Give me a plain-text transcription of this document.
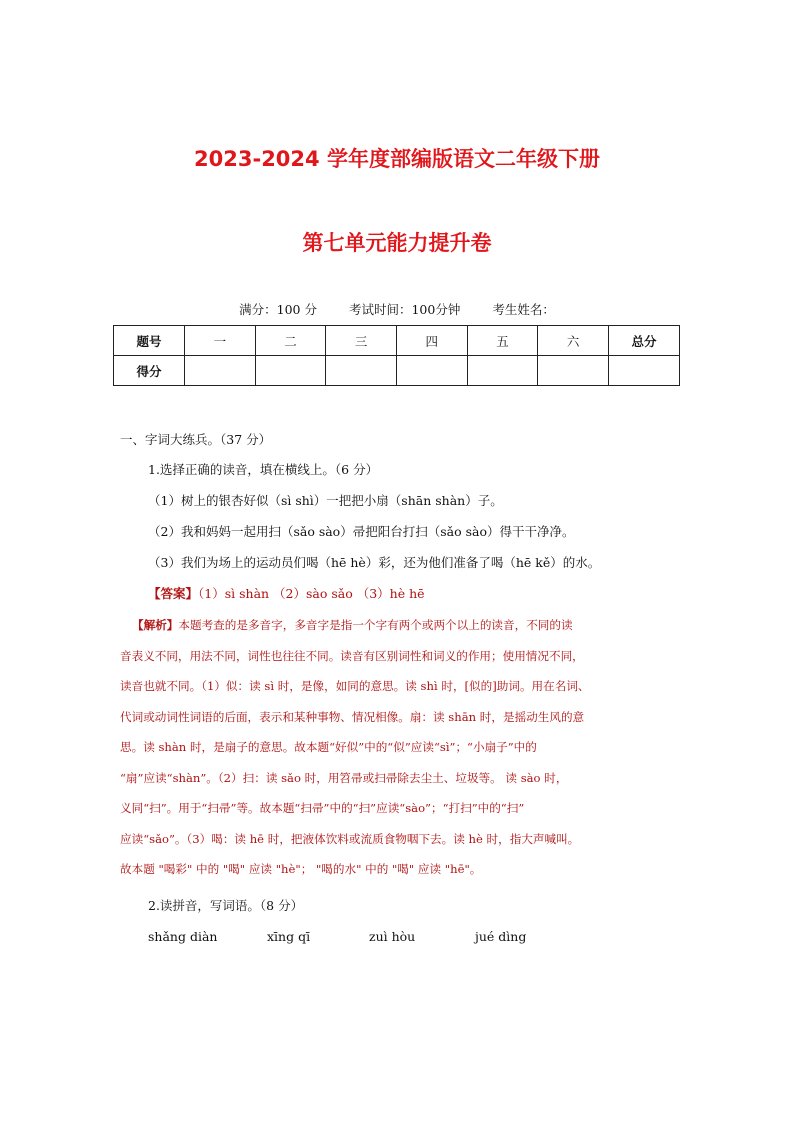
2023-2024 学年度部编版语文二年级下册
第七单元能力提升卷
满分：100 分	考试时间：100分钟	考生姓名：
题号	一	二	三	四	五	六	总分
得分							
一、字词大练兵。（37 分）
1.选择正确的读音，填在横线上。（6 分）
（1）树上的银杏好似（sì shì）一把把小扇（shān shàn）子。
（2）我和妈妈一起用扫（sǎo sào）帚把阳台打扫（sǎo sào）得干干净净。
（3）我们为场上的运动员们喝（hē hè）彩，还为他们准备了喝（hē kě）的水。
【答案】（1）sì shàn （2）sào sǎo （3）hè hē
【解析】本题考查的是多音字，多音字是指一个字有两个或两个以上的读音，不同的读
音表义不同，用法不同，词性也往往不同。读音有区别词性和词义的作用；使用情况不同，
读音也就不同。（1）似：读 sì 时，是像，如同的意思。读 shì 时，[似的]助词。用在名词、
代词或动词性词语的后面，表示和某种事物、情况相像。扇：读 shān 时，是摇动生风的意
思。读 shàn 时，是扇子的意思。故本题“好似”中的“似”应读“sì”；“小扇子”中的
“扇”应读“shàn”。（2）扫：读 sǎo 时，用笤帚或扫帚除去尘土、垃圾等。 读 sào 时，
义同“扫”。用于“扫帚”等。故本题“扫帚”中的“扫”应读“sào”；“打扫”中的“扫”
应读“sǎo”。（3）喝：读 hē 时，把液体饮料或流质食物咽下去。读 hè 时，指大声喊叫。
故本题 "喝彩" 中的 "喝" 应读 "hè"； "喝的水" 中的 "喝" 应读 "hē"。
2.读拼音，写词语。（8 分）
shǎng diàn	xīng qī	zuì hòu	jué dìng
